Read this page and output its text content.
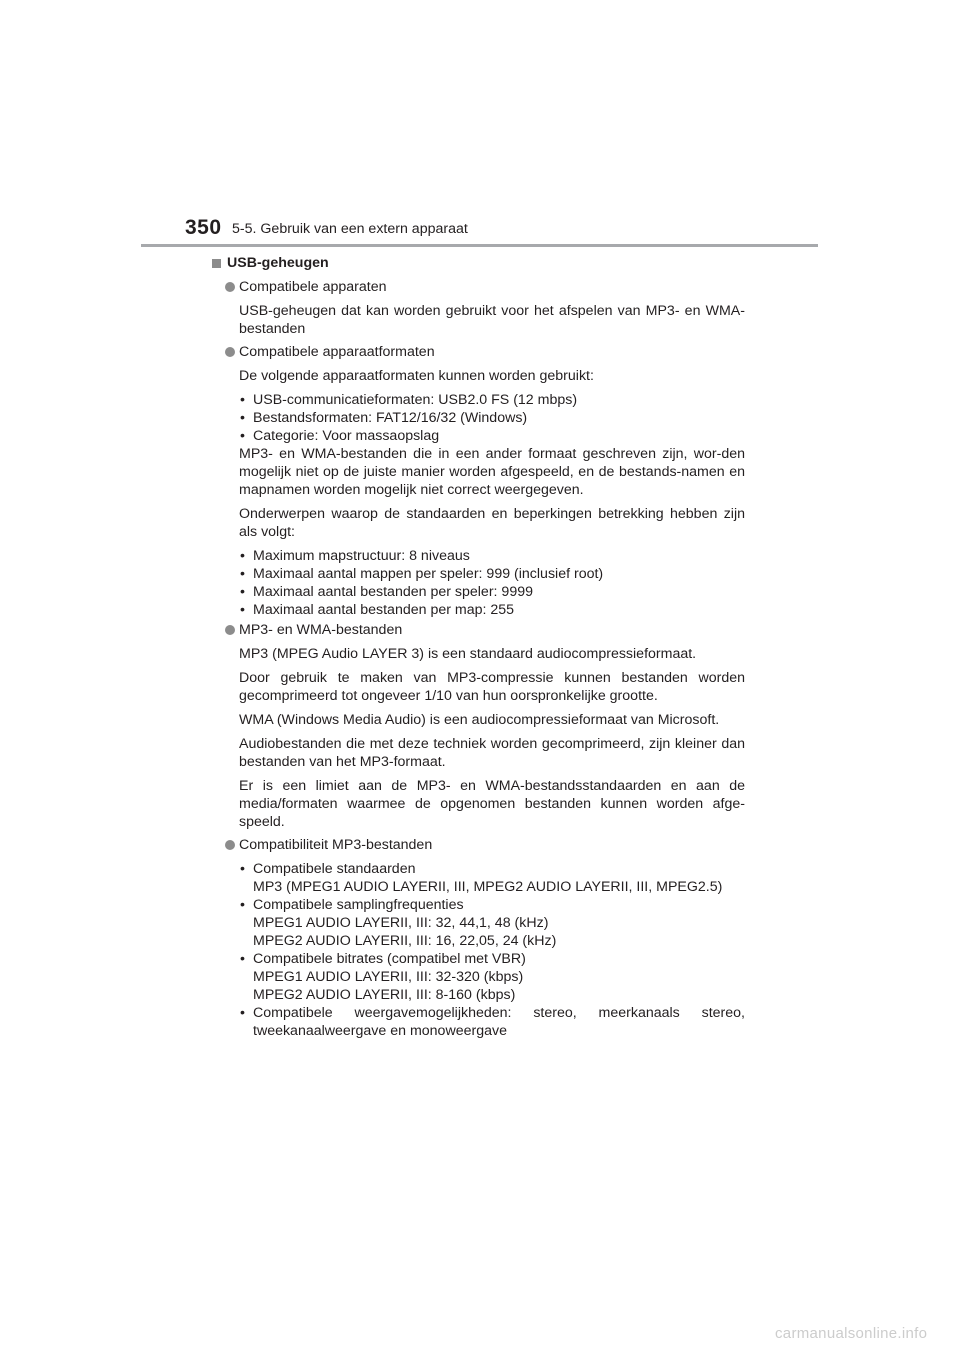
350 5-5. Gebruik van een extern apparaat
USB-geheugen
Compatibele apparaten

USB-geheugen dat kan worden gebruikt voor het afspelen van MP3- en WMA-bestanden

Compatibele apparaatformaten

De volgende apparaatformaten kunnen worden gebruikt:

• USB-communicatieformaten: USB2.0 FS (12 mbps)
• Bestandsformaten: FAT12/16/32 (Windows)
• Categorie: Voor massaopslag

MP3- en WMA-bestanden die in een ander formaat geschreven zijn, wor-den mogelijk niet op de juiste manier worden afgespeeld, en de bestands-namen en mapnamen worden mogelijk niet correct weergegeven.

Onderwerpen waarop de standaarden en beperkingen betrekking hebben zijn als volgt:

• Maximum mapstructuur: 8 niveaus
• Maximaal aantal mappen per speler: 999 (inclusief root)
• Maximaal aantal bestanden per speler: 9999
• Maximaal aantal bestanden per map: 255
MP3- en WMA-bestanden

MP3 (MPEG Audio LAYER 3) is een standaard audiocompressieformaat.

Door gebruik te maken van MP3-compressie kunnen bestanden worden gecomprimeerd tot ongeveer 1/10 van hun oorspronkelijke grootte.

WMA (Windows Media Audio) is een audiocompressieformaat van Microsoft.

Audiobestanden die met deze techniek worden gecomprimeerd, zijn kleiner dan bestanden van het MP3-formaat.

Er is een limiet aan de MP3- en WMA-bestandsstandaarden en aan de media/formaten waarmee de opgenomen bestanden kunnen worden afge-speeld.

Compatibiliteit MP3-bestanden
• Compatibele standaarden
MP3 (MPEG1 AUDIO LAYERII, III, MPEG2 AUDIO LAYERII, III, MPEG2.5)
• Compatibele samplingfrequenties
MPEG1 AUDIO LAYERII, III: 32, 44,1, 48 (kHz)
MPEG2 AUDIO LAYERII, III: 16, 22,05, 24 (kHz)
• Compatibele bitrates (compatibel met VBR)
MPEG1 AUDIO LAYERII, III: 32-320 (kbps)
MPEG2 AUDIO LAYERII, III: 8-160 (kbps)
• Compatibele weergavemogelijkheden: stereo, meerkanaals stereo, tweekanaalweergave en monoweergave
carmanualsonline.info
